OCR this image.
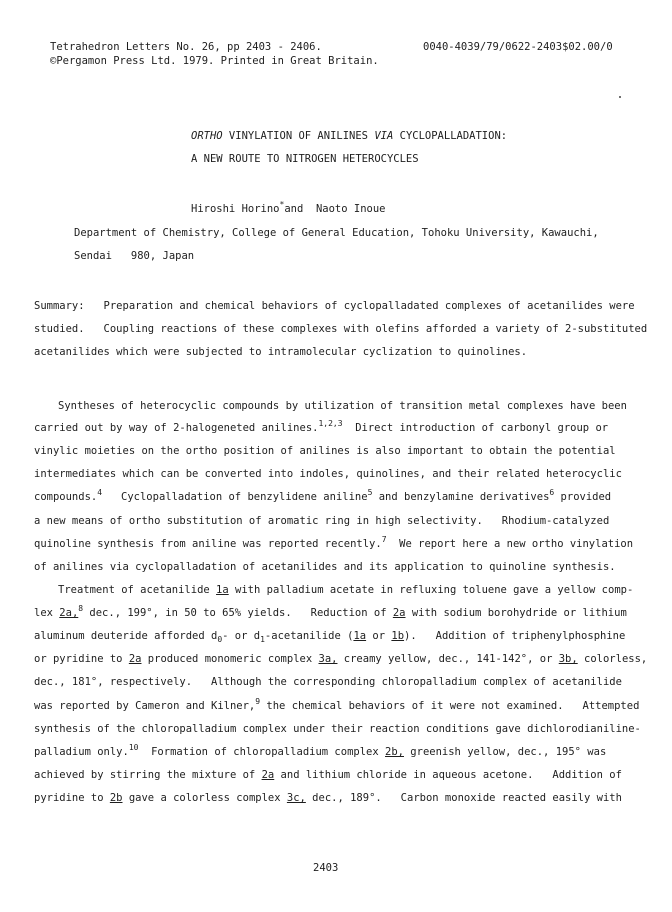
Tetrahedron Letters No. 26, pp 2403 - 2406.
©Pergamon Press Ltd. 1979. Printed in Great Britain.
0040-4039/79/0622-2403$02.00/0
ORTHO VINYLATION OF ANILINES VIA CYCLOPALLADATION:
A NEW ROUTE TO NITROGEN HETEROCYCLES
Hiroshi Horino*and  Naoto Inoue
Department of Chemistry, College of General Education, Tohoku University, Kawauchi,
Sendai   980, Japan
Summary:   Preparation and chemical behaviors of cyclopalladated complexes of acetanilides were
studied.   Coupling reactions of these complexes with olefins afforded a variety of 2-substituted
acetanilides which were subjected to intramolecular cyclization to quinolines.
Syntheses of heterocyclic compounds by utilization of transition metal complexes have been
carried out by way of 2-halogeneted anilines.$^{1,2,3}$  Direct introduction of carbonyl group or
vinylic moieties on the ortho position of anilines is also important to obtain the potential
intermediates which can be converted into indoles, quinolines, and their related heterocyclic
compounds.$^4$   Cyclopalladation of benzylidene aniline$^5$ and benzylamine derivatives$^6$ provided
a new means of ortho substitution of aromatic ring in high selectivity.   Rhodium-catalyzed
quinoline synthesis from aniline was reported recently.$^7$  We report here a new ortho vinylation
of anilines via cyclopalladation of acetanilides and its application to quinoline synthesis.
Treatment of acetanilide 1a with palladium acetate in refluxing toluene gave a yellow comp-
lex 2a,$^8$ dec., 199°, in 50 to 65% yields.   Reduction of 2a with sodium borohydride or lithium
aluminum deuteride afforded $d_0-$ or $d_1$-acetanilide (1a or 1b).   Addition of triphenylphosphine
or pyridine to 2a produced monomeric complex 3a, creamy yellow, dec., 141-142°, or 3b, colorless,
dec., 181°, respectively.   Although the corresponding chloropalladium complex of acetanilide
was reported by Cameron and Kilner,$^9$ the chemical behaviors of it were not examined.   Attempted
synthesis of the chloropalladium complex under their reaction conditions gave dichlorodianiline-
palladium only.$^{10}$  Formation of chloropalladium complex 2b, greenish yellow, dec., 195° was
achieved by stirring the mixture of 2a and lithium chloride in aqueous acetone.   Addition of
pyridine to 2b gave a colorless complex 3c, dec., 189°.   Carbon monoxide reacted easily with
2403
